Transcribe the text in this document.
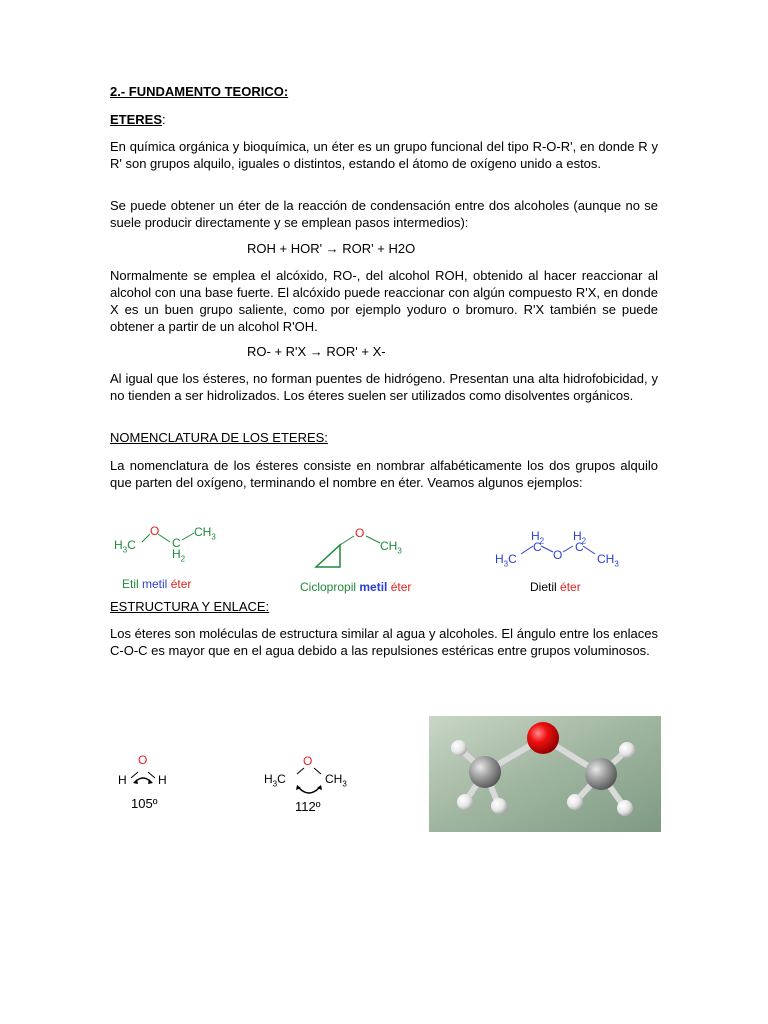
2.- FUNDAMENTO TEORICO:

ETERES:

En química orgánica y bioquímica, un éter es un grupo funcional del tipo R-O-R', en donde R y R' son grupos alquilo, iguales o distintos, estando el átomo de oxígeno unido a estos.

Se puede obtener un éter de la reacción de condensación entre dos alcoholes (aunque no se suele producir directamente y se emplean pasos intermedios):

ROH + HOR' → ROR' + H2O

Normalmente se emplea el alcóxido, RO-, del alcohol ROH, obtenido al hacer reaccionar al alcohol con una base fuerte. El alcóxido puede reaccionar con algún compuesto R'X, en donde X es un buen grupo saliente, como por ejemplo yoduro o bromuro. R'X también se puede obtener a partir de un alcohol R'OH.

RO- + R'X → ROR' + X-

Al igual que los ésteres, no forman puentes de hidrógeno. Presentan una alta hidrofobicidad, y no tienden a ser hidrolizados. Los éteres suelen ser utilizados como disolventes orgánicos.

NOMENCLATURA DE LOS ETERES:

La nomenclatura de los ésteres consiste en nombrar alfabéticamente los dos grupos alquilo que parten del oxígeno, terminando el nombre en éter. Veamos algunos ejemplos:

ESTRUCTURA Y ENLACE:

Los éteres son moléculas de estructura similar al agua y alcoholes. El ángulo entre los enlaces C-O-C es mayor que en el agua debido a las repulsiones estéricas entre grupos voluminosos.

$H_3C$
O
C
$H_2$
$CH_3$
Etil metil éter
O
$CH_3$
Ciclopropil metil éter
$H_3C$
$H_2$
C
O
$H_2$
C
$CH_3$
Dietil éter
O
H	H
105º
O
$H_3C$	$CH_3$
112º
